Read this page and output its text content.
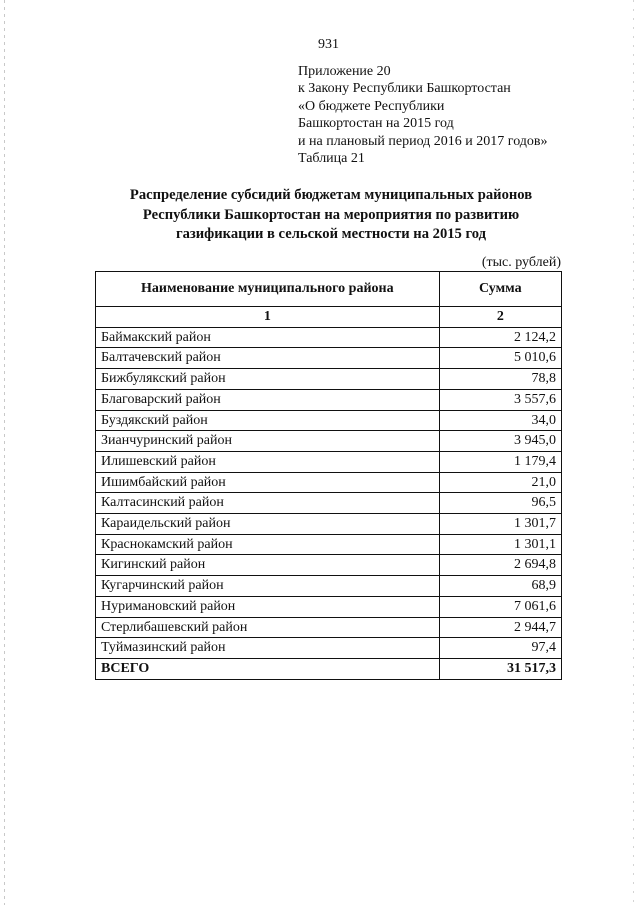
931
Приложение 20
к Закону Республики Башкортостан
«О бюджете Республики
Башкортостан на 2015 год
и на плановый период 2016 и 2017 годов»
Таблица 21
Распределение субсидий бюджетам муниципальных районов
Республики Башкортостан на мероприятия по развитию
газификации в сельской местности на 2015 год
(тыс. рублей)
Наименование муниципального района	Сумма
1	2
Баймакский район	2 124,2
Балтачевский район	5 010,6
Бижбулякский район	78,8
Благоварский район	3 557,6
Буздякский район	34,0
Зианчуринский район	3 945,0
Илишевский район	1 179,4
Ишимбайский район	21,0
Калтасинский район	96,5
Караидельский район	1 301,7
Краснокамский район	1 301,1
Кигинский район	2 694,8
Кугарчинский район	68,9
Нуримановский район	7 061,6
Стерлибашевский район	2 944,7
Туймазинский район	97,4
ВСЕГО	31 517,3
